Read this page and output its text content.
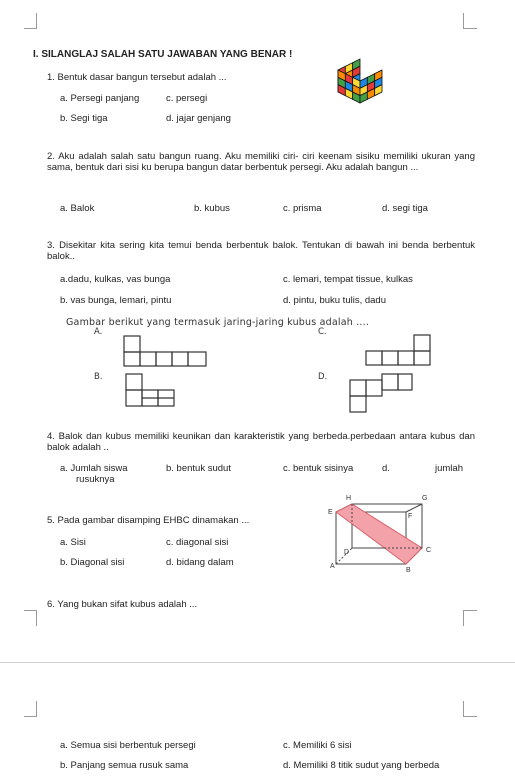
I. SILANGLAJ SALAH SATU JAWABAN YANG BENAR !
1. Bentuk dasar bangun tersebut adalah ...
a. Persegi panjang	c. persegi
b. Segi tiga	d. jajar genjang
2. Aku adalah salah satu bangun ruang. Aku memiliki ciri- ciri keenam sisiku memiliki ukuran yang sama, bentuk dari sisi ku berupa bangun datar berbentuk persegi. Aku adalah bangun ...
a. Balok	b. kubus	c. prisma	d. segi tiga
3. Disekitar kita sering kita temui benda berbentuk balok. Tentukan di bawah ini benda berbentuk balok..
a.dadu, kulkas, vas bunga	c. lemari, tempat tissue, kulkas
b. vas bunga, lemari, pintu	d. pintu, buku tulis, dadu
Gambar berikut yang termasuk jaring-jaring kubus adalah ....
A.	C.
B.	D.
4. Balok dan kubus memiliki keunikan dan karakteristik yang berbeda.perbedaan antara kubus dan balok adalah ..
a. Jumlah siswa	b. bentuk sudut	c. bentuk sisinya	d.	jumlah
rusuknya
5. Pada gambar disamping EHBC dinamakan ...
a. Sisi	c. diagonal sisi
b. Diagonal sisi	d. bidang dalam
H	G
E
F
D	C
A
B
6. Yang bukan sifat kubus adalah ...
a. Semua sisi berbentuk persegi	c. Memiliki 6 sisi
b. Panjang semua rusuk sama	d. Memiliki 8 titik sudut yang berbeda
